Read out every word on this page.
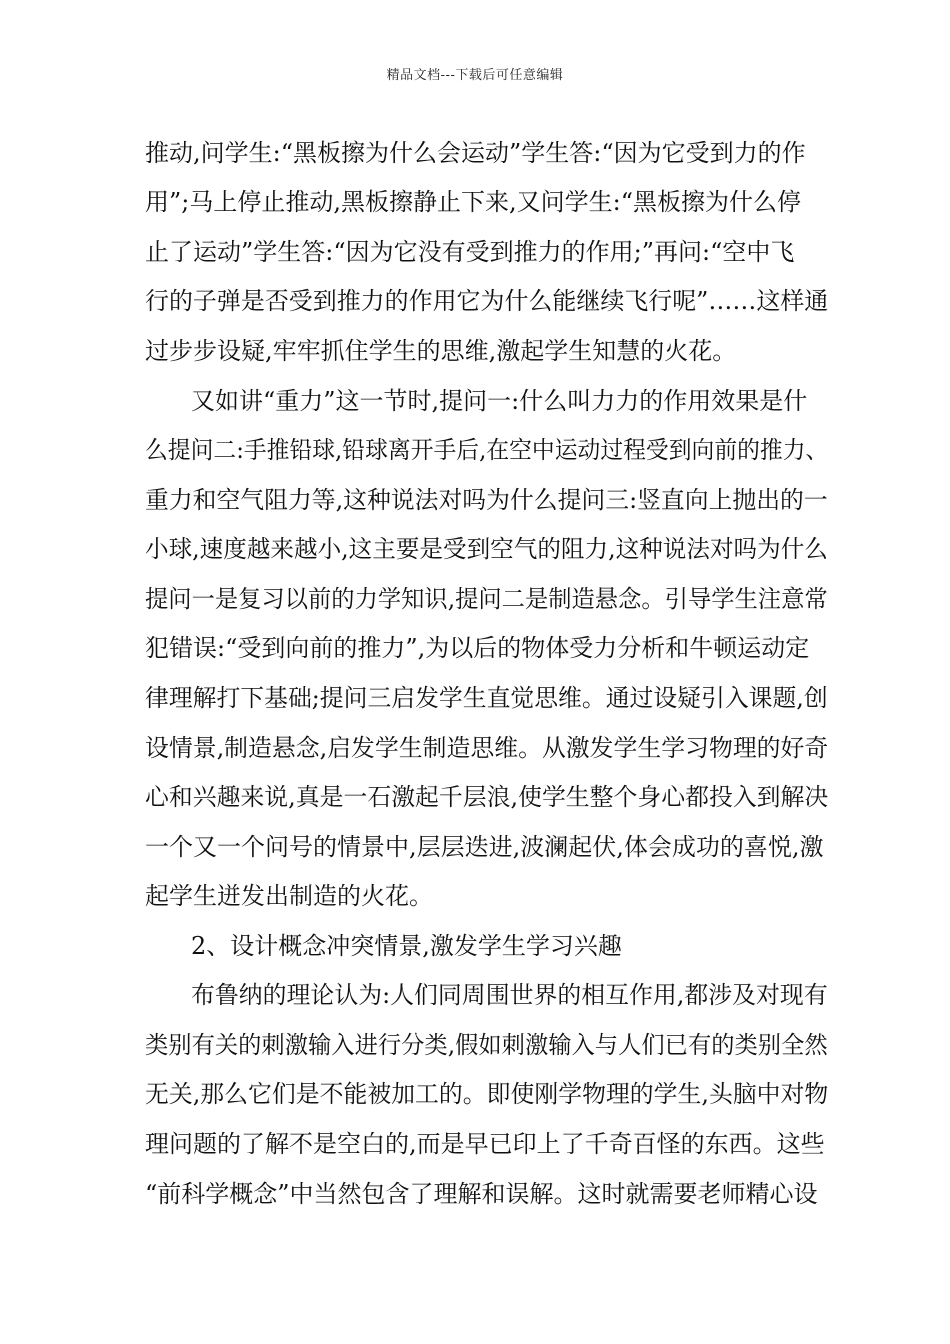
精品文档---下载后可任意编辑
推动,问学生:“黑板擦为什么会运动”学生答:“因为它受到力的作
用”;马上停止推动,黑板擦静止下来,又问学生:“黑板擦为什么停
止了运动”学生答:“因为它没有受到推力的作用;”再问:“空中飞
行的子弹是否受到推力的作用它为什么能继续飞行呢”……这样通
过步步设疑,牢牢抓住学生的思维,激起学生知慧的火花。
又如讲“重力”这一节时,提问一:什么叫力力的作用效果是什
么提问二:手推铅球,铅球离开手后,在空中运动过程受到向前的推力、
重力和空气阻力等,这种说法对吗为什么提问三:竖直向上抛出的一
小球,速度越来越小,这主要是受到空气的阻力,这种说法对吗为什么
提问一是复习以前的力学知识,提问二是制造悬念。引导学生注意常
犯错误:“受到向前的推力”,为以后的物体受力分析和牛顿运动定
律理解打下基础;提问三启发学生直觉思维。通过设疑引入课题,创
设情景,制造悬念,启发学生制造思维。从激发学生学习物理的好奇
心和兴趣来说,真是一石激起千层浪,使学生整个身心都投入到解决
一个又一个问号的情景中,层层迭进,波澜起伏,体会成功的喜悦,激
起学生迸发出制造的火花。
2、设计概念冲突情景,激发学生学习兴趣
布鲁纳的理论认为:人们同周围世界的相互作用,都涉及对现有
类别有关的刺激输入进行分类,假如刺激输入与人们已有的类别全然
无关,那么它们是不能被加工的。即使刚学物理的学生,头脑中对物
理问题的了解不是空白的,而是早已印上了千奇百怪的东西。这些
“前科学概念”中当然包含了理解和误解。这时就需要老师精心设
